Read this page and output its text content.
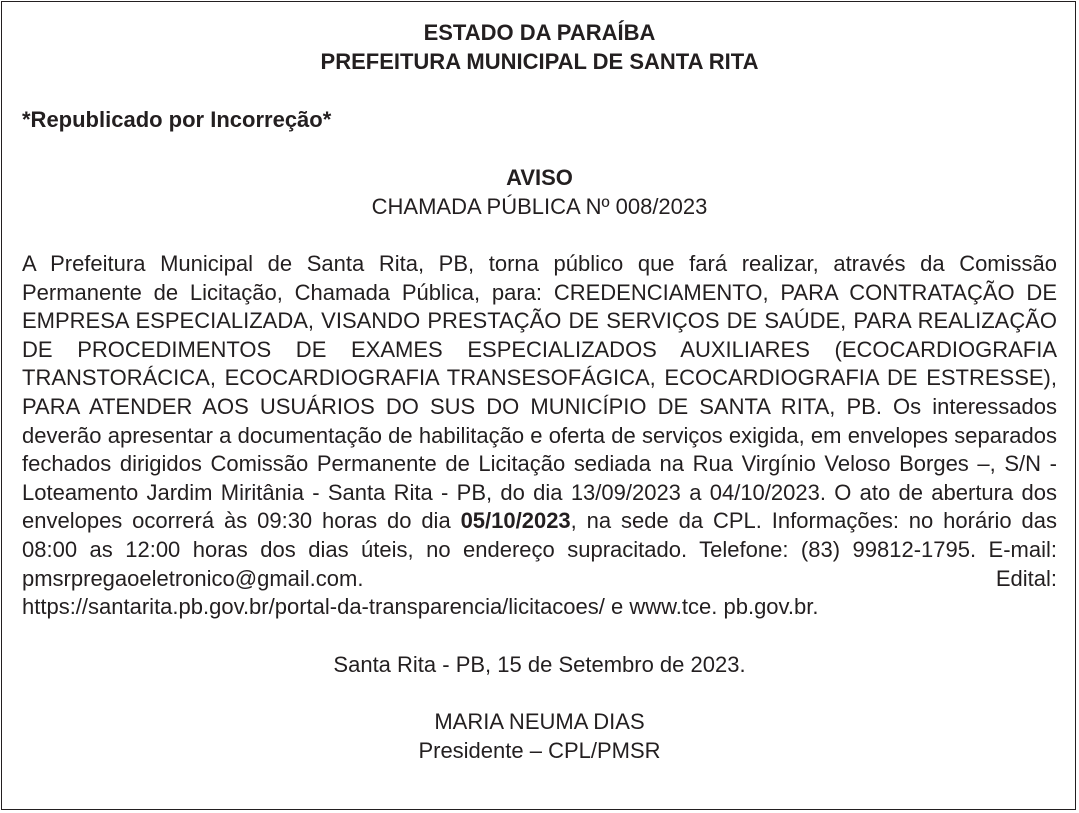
ESTADO DA PARAÍBA
PREFEITURA MUNICIPAL DE SANTA RITA
*Republicado por Incorreção*
AVISO
CHAMADA PÚBLICA Nº 008/2023
A Prefeitura Municipal de Santa Rita, PB, torna público que fará realizar, através da Comissão Permanente de Licitação, Chamada Pública, para: CREDENCIAMENTO, PARA CONTRATAÇÃO DE EMPRESA ESPECIALIZADA, VISANDO PRESTAÇÃO DE SERVIÇOS DE SAÚDE, PARA REALIZAÇÃO DE PROCEDIMENTOS DE EXAMES ESPECIALIZADOS AUXILIARES (ECOCARDIOGRAFIA TRANSTORÁCICA, ECOCARDIOGRAFIA TRANSESOFÁGICA, ECOCARDIOGRAFIA DE ESTRESSE), PARA ATENDER AOS USUÁRIOS DO SUS DO MUNICÍPIO DE SANTA RITA, PB. Os interessados deverão apresentar a documentação de habilitação e oferta de serviços exigida, em envelopes separados fechados dirigidos Comissão Permanente de Licitação sediada na Rua Virgínio Veloso Borges –, S/N - Loteamento Jardim Miritânia - Santa Rita - PB, do dia 13/09/2023 a 04/10/2023. O ato de abertura dos envelopes ocorrerá às 09:30 horas do dia 05/10/2023, na sede da CPL. Informações: no horário das 08:00 as 12:00 horas dos dias úteis, no endereço supracitado. Telefone: (83) 99812-1795. E-mail: pmsrpregaoeletronico@gmail.com. Edital:
https://santarita.pb.gov.br/portal-da-transparencia/licitacoes/ e www.tce. pb.gov.br.
Santa Rita - PB, 15 de Setembro de 2023.
MARIA NEUMA DIAS
Presidente – CPL/PMSR
